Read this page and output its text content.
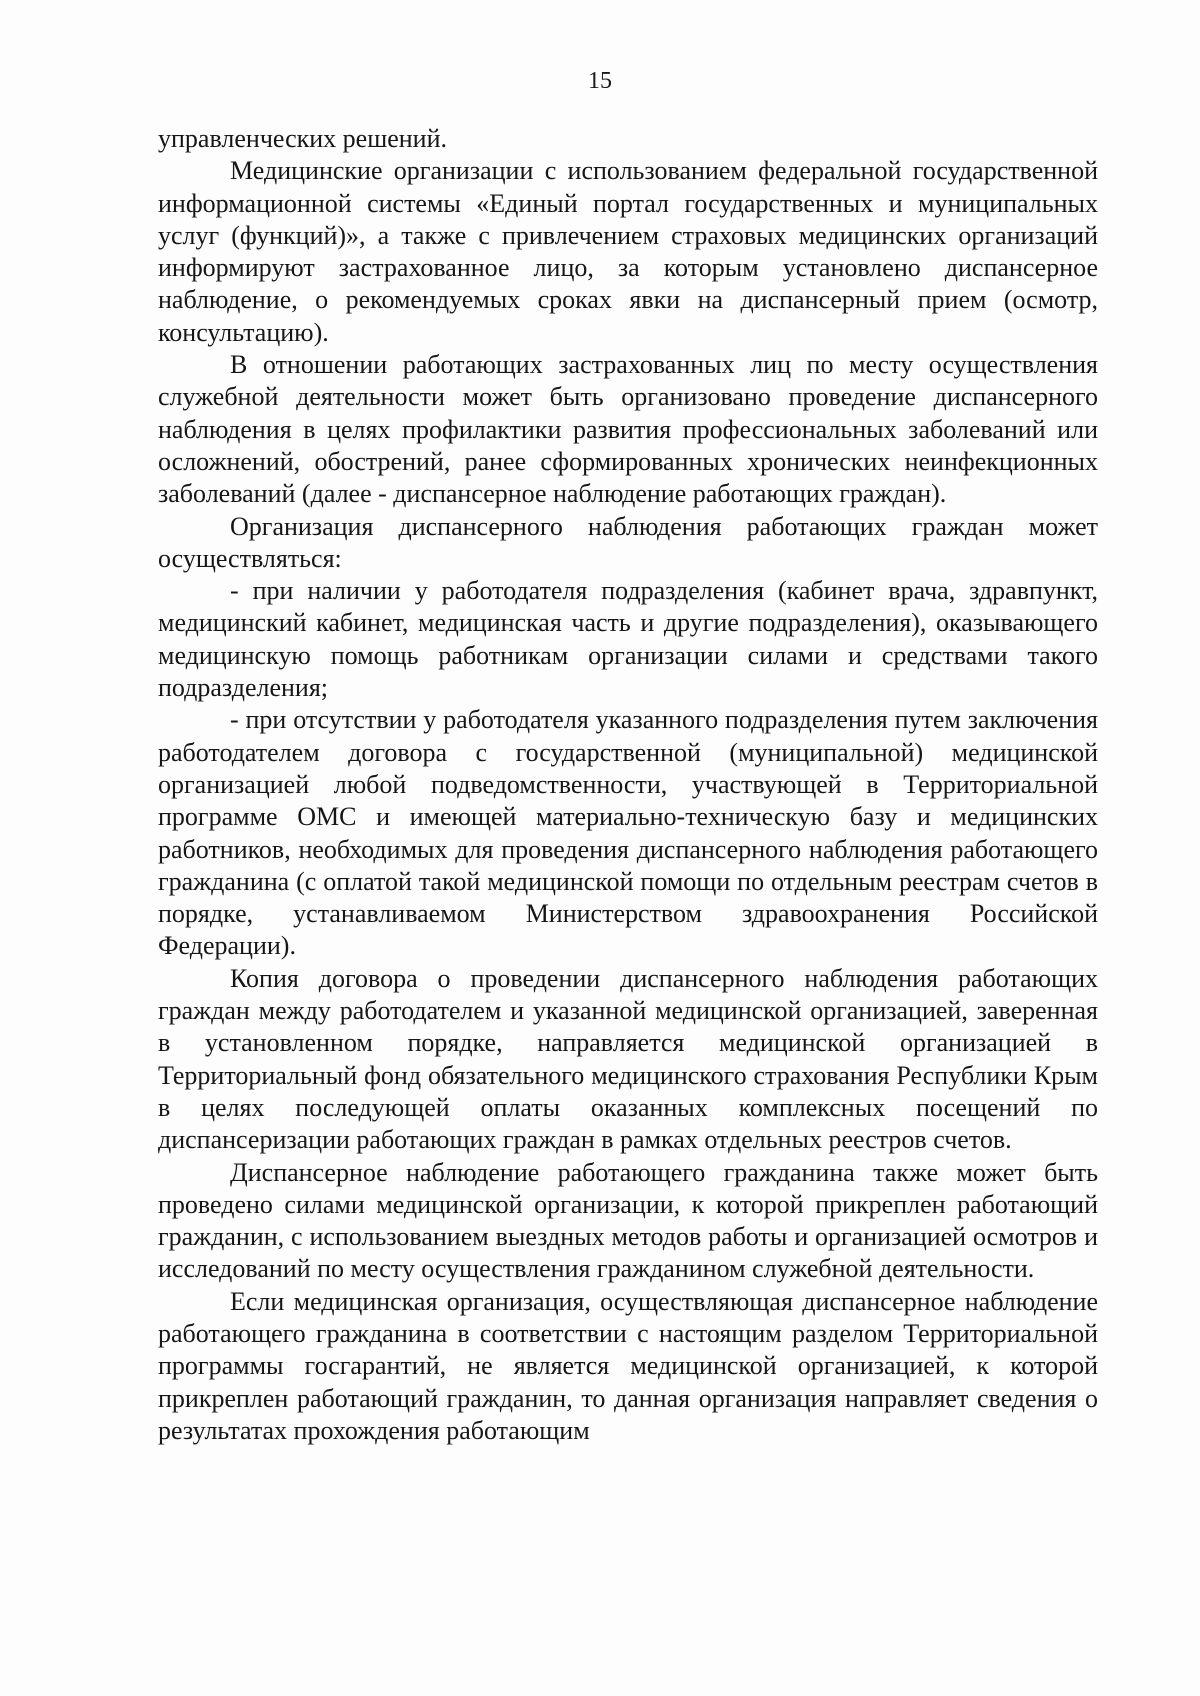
15

управленческих решений.

Медицинские организации с использованием федеральной государственной информационной системы «Единый портал государственных и муниципальных услуг (функций)», а также с привлечением страховых медицинских организаций информируют застрахованное лицо, за которым установлено диспансерное наблюдение, о рекомендуемых сроках явки на диспансерный прием (осмотр, консультацию).

В отношении работающих застрахованных лиц по месту осуществления служебной деятельности может быть организовано проведение диспансерного наблюдения в целях профилактики развития профессиональных заболеваний или осложнений, обострений, ранее сформированных хронических неинфекционных заболеваний (далее - диспансерное наблюдение работающих граждан).

Организация диспансерного наблюдения работающих граждан может осуществляться:

- при наличии у работодателя подразделения (кабинет врача, здравпункт, медицинский кабинет, медицинская часть и другие подразделения), оказывающего медицинскую помощь работникам организации силами и средствами такого подразделения;

- при отсутствии у работодателя указанного подразделения путем заключения работодателем договора с государственной (муниципальной) медицинской организацией любой подведомственности, участвующей в Территориальной программе ОМС и имеющей материально-техническую базу и медицинских работников, необходимых для проведения диспансерного наблюдения работающего гражданина (с оплатой такой медицинской помощи по отдельным реестрам счетов в порядке, устанавливаемом Министерством здравоохранения Российской Федерации).

Копия договора о проведении диспансерного наблюдения работающих граждан между работодателем и указанной медицинской организацией, заверенная в установленном порядке, направляется медицинской организацией в Территориальный фонд обязательного медицинского страхования Республики Крым в целях последующей оплаты оказанных комплексных посещений по диспансеризации работающих граждан в рамках отдельных реестров счетов.

Диспансерное наблюдение работающего гражданина также может быть проведено силами медицинской организации, к которой прикреплен работающий гражданин, с использованием выездных методов работы и организацией осмотров и исследований по месту осуществления гражданином служебной деятельности.

Если медицинская организация, осуществляющая диспансерное наблюдение работающего гражданина в соответствии с настоящим разделом Территориальной программы госгарантий, не является медицинской организацией, к которой прикреплен работающий гражданин, то данная организация направляет сведения о результатах прохождения работающим
